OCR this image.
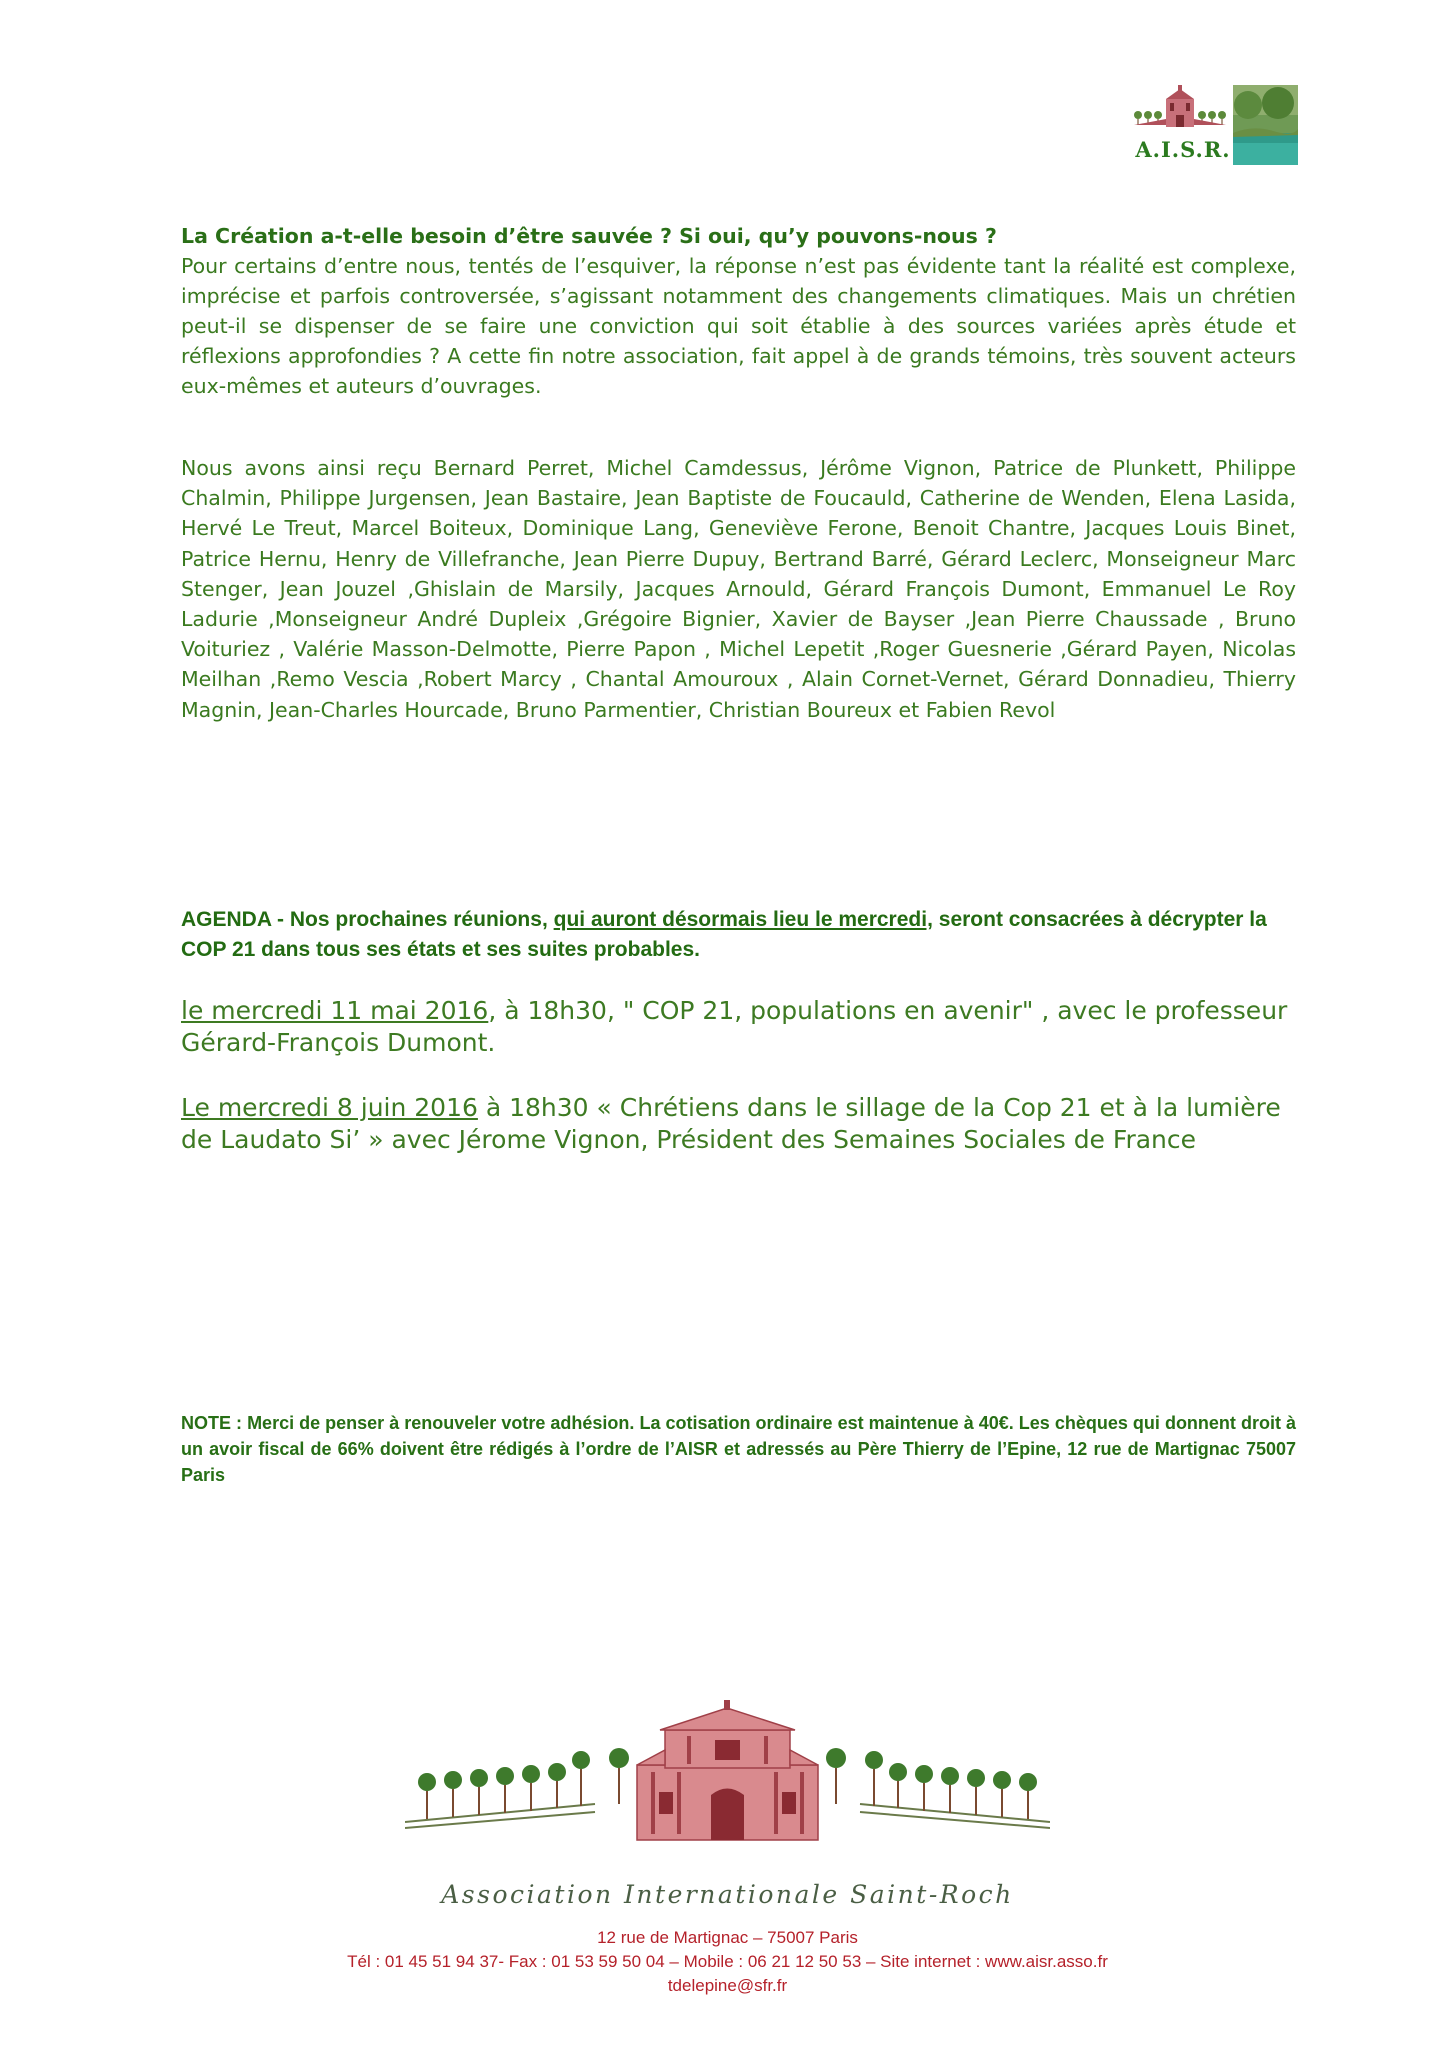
A.I.S.R.
La Création a-t-elle besoin d’être sauvée ? Si oui, qu’y pouvons-nous ?
Pour certains d’entre nous, tentés de l’esquiver, la réponse n’est pas évidente tant la réalité est complexe, imprécise et parfois controversée, s’agissant notamment des changements climatiques. Mais un chrétien peut-il se dispenser de se faire une conviction qui soit établie à des sources variées après étude et réflexions approfondies ? A cette fin notre association, fait appel à de grands témoins, très souvent acteurs eux-mêmes et auteurs d’ouvrages.
Nous avons ainsi reçu Bernard Perret, Michel Camdessus, Jérôme Vignon, Patrice de Plunkett, Philippe Chalmin, Philippe Jurgensen, Jean Bastaire, Jean Baptiste de Foucauld, Catherine de Wenden, Elena Lasida, Hervé Le Treut, Marcel Boiteux, Dominique Lang, Geneviève Ferone, Benoit Chantre, Jacques Louis Binet, Patrice Hernu, Henry de Villefranche, Jean Pierre Dupuy, Bertrand Barré, Gérard Leclerc, Monseigneur Marc Stenger, Jean Jouzel ,Ghislain de Marsily, Jacques Arnould, Gérard François Dumont, Emmanuel Le Roy Ladurie ,Monseigneur André Dupleix ,Grégoire Bignier, Xavier de Bayser ,Jean Pierre Chaussade , Bruno Voituriez , Valérie Masson-Delmotte, Pierre Papon , Michel Lepetit ,Roger Guesnerie ,Gérard Payen, Nicolas Meilhan ,Remo Vescia ,Robert Marcy , Chantal Amouroux , Alain Cornet-Vernet, Gérard Donnadieu, Thierry Magnin, Jean-Charles Hourcade, Bruno Parmentier, Christian Boureux et Fabien Revol
AGENDA - Nos prochaines réunions, qui auront désormais lieu le mercredi, seront consacrées à décrypter la COP 21 dans tous ses états et ses suites probables.
le mercredi 11 mai 2016, à 18h30, " COP 21, populations en avenir" , avec le professeur Gérard-François Dumont.
Le mercredi 8 juin 2016 à 18h30 « Chrétiens dans le sillage de la Cop 21 et à la lumière de Laudato Si’ » avec Jérome Vignon, Président des Semaines Sociales de France
NOTE : Merci de penser à renouveler votre adhésion. La cotisation ordinaire est maintenue à 40€. Les chèques qui donnent droit à un avoir fiscal de 66% doivent être rédigés à l’ordre de l’AISR et adressés au Père Thierry de l’Epine, 12 rue de Martignac 75007 Paris
Association Internationale Saint-Roch
12 rue de Martignac – 75007 Paris
Tél : 01 45 51 94 37- Fax : 01 53 59 50 04 – Mobile : 06 21 12 50 53 – Site internet : www.aisr.asso.fr
tdelepine@sfr.fr
